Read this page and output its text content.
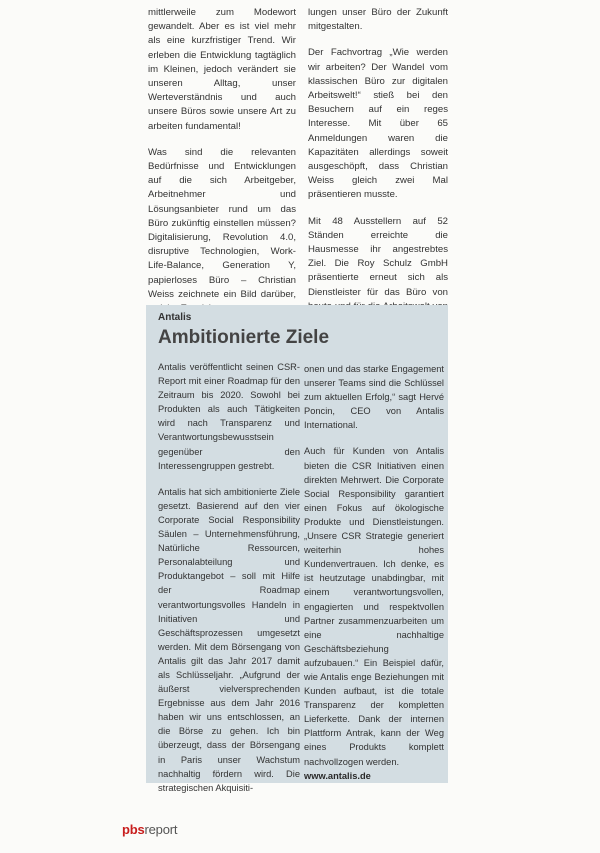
mittlerweile zum Modewort gewandelt. Aber es ist viel mehr als eine kurzfristiger Trend. Wir erleben die Entwicklung tagtäglich im Kleinen, jedoch verändert sie unseren Alltag, unser Werteverständnis und auch unsere Büros sowie unsere Art zu arbeiten fundamental!

Was sind die relevanten Bedürfnisse und Entwicklungen auf die sich Arbeitgeber, Arbeitnehmer und Lösungsanbieter rund um das Büro zukünftig einstellen müssen? Digitalisierung, Revolution 4.0, disruptive Technologien, Work-Life-Balance, Generation Y, papierloses Büro – Christian Weiss zeichnete ein Bild darüber,

lungen unser Büro der Zukunft mitgestalten.

Der Fachvortrag „Wie werden wir arbeiten? Der Wandel vom klassischen Büro zur digitalen Arbeitswelt!“ stieß bei den Besuchern auf ein reges Interesse. Mit über 65 Anmeldungen waren die Kapazitäten allerdings soweit ausgeschöpft, dass Christian Weiss gleich zwei Mal präsentieren musste.

Mit 48 Ausstellern auf 52 Ständen erreichte die Hausmesse ihr angestrebtes Ziel. Die Roy Schulz GmbH präsentierte erneut sich als Dienstleister für das Büro von

Antalis
Ambitionierte Ziele

Antalis veröffentlicht seinen CSR-Report mit einer Roadmap für den Zeitraum bis 2020. Sowohl bei Produkten als auch Tätigkeiten wird nach Transparenz und Verantwortungsbewusstsein gegenüber den Interessengruppen gestrebt.

Antalis hat sich ambitionierte Ziele gesetzt. Basierend auf den vier Corporate Social Responsibility Säulen – Unternehmensführung, Natürliche Ressourcen, Personalabteilung und Produktangebot – soll mit Hilfe der Roadmap verantwortungsvolles Handeln in Initiativen und Geschäftsprozessen umgesetzt werden. Mit dem Börsengang von Antalis gilt das Jahr 2017 damit als Schlüsseljahr. „Aufgrund der äußerst vielversprechenden Ergebnisse aus dem Jahr 2016 haben wir uns entschlossen, an die Börse zu gehen. Ich bin überzeugt, dass der Börsengang in Paris unser Wachstum nachhaltig fördern wird. Die strategischen Akquisiti-

onen und das starke Engagement unserer Teams sind die Schlüssel zum aktuellen Erfolg,“ sagt Hervé Poncin, CEO von Antalis International.

Auch für Kunden von Antalis bieten die CSR Initiativen einen direkten Mehrwert. Die Corporate Social Responsibility garantiert einen Fokus auf ökologische Produkte und Dienstleistungen. „Unsere CSR Strategie generiert weiterhin hohes Kundenvertrauen. Ich denke, es ist heutzutage unabdingbar, mit einem verantwortungsvollen, engagierten und respektvollen Partner zusammenzuarbeiten um eine nachhaltige Geschäftsbeziehung aufzubauen.“ Ein Beispiel dafür, wie Antalis enge Beziehungen mit Kunden aufbaut, ist die totale Transparenz der kompletten Lieferkette. Dank der internen Plattform Antrak, kann der Weg eines Produkts komplett nachvollzogen werden.

www.antalis.de
pbsreport
